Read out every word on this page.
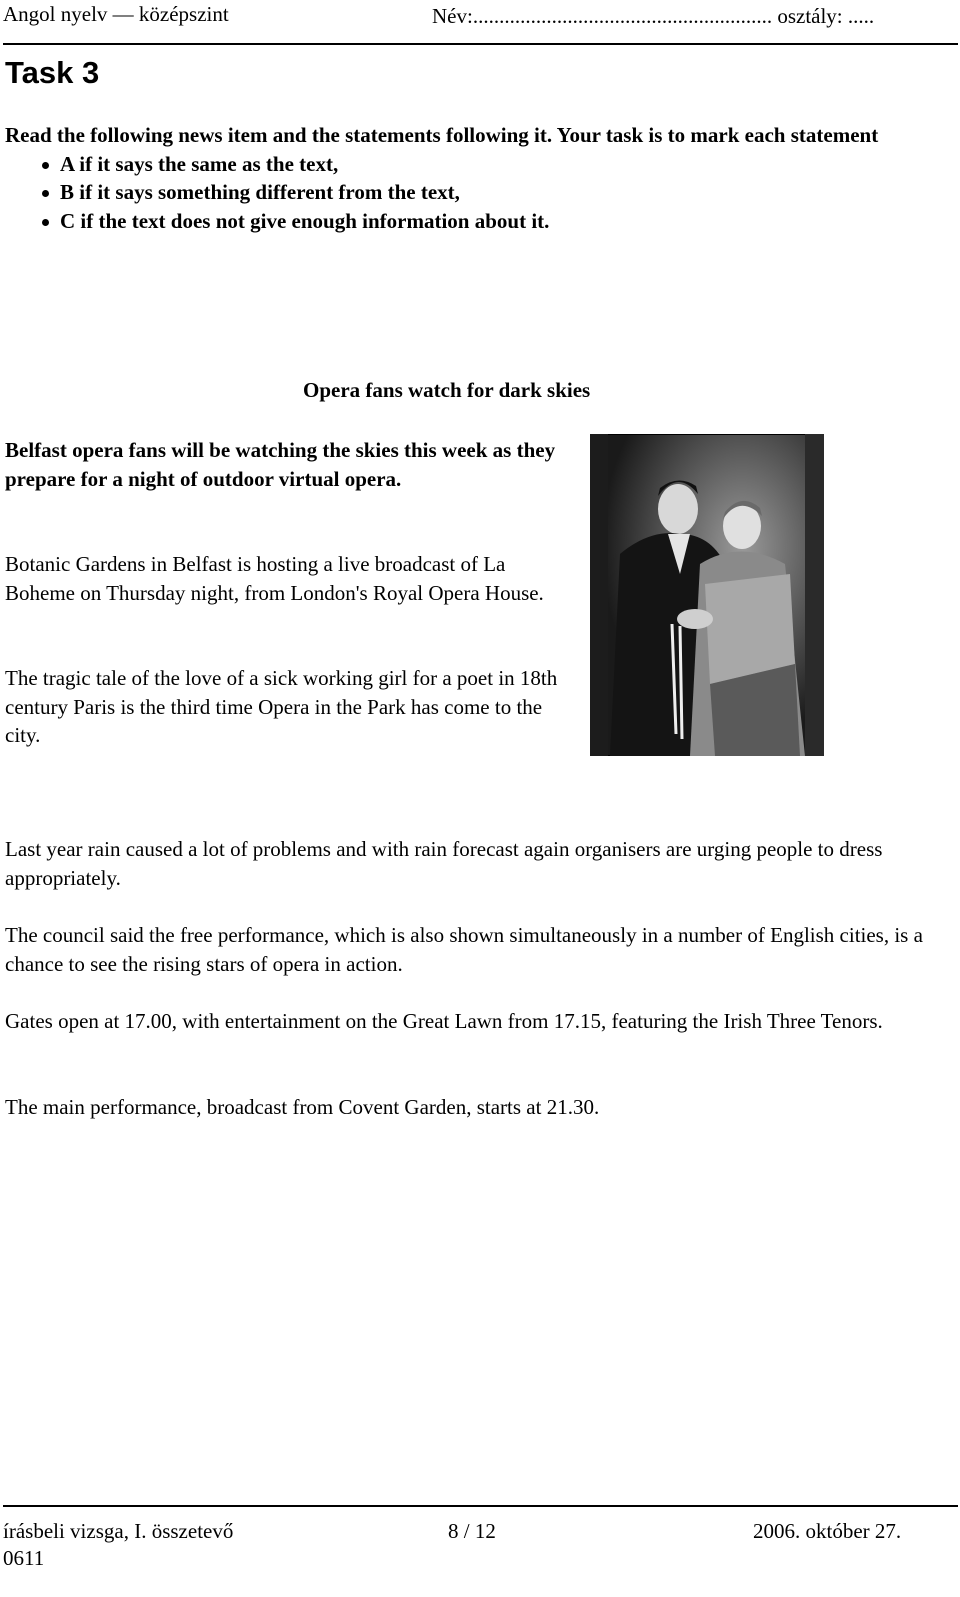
Angol nyelv — középszint	Név:......................................................... osztály: .....
Task 3
Read the following news item and the statements following it. Your task is to mark each statement
A if it says the same as the text,
B if it says something different from the text,
C if the text does not give enough information about it.
Opera fans watch for dark skies
Belfast opera fans will be watching the skies this week as they prepare for a night of outdoor virtual opera.
Botanic Gardens in Belfast is hosting a live broadcast of La Boheme on Thursday night, from London's Royal Opera House.
The tragic tale of the love of a sick working girl for a poet in 18th century Paris is the third time Opera in the Park has come to the city.
Last year rain caused a lot of problems and with rain forecast again organisers are urging people to dress appropriately.
The council said the free performance, which is also shown simultaneously in a number of English cities, is a chance to see the rising stars of opera in action.
Gates open at 17.00, with entertainment on the Great Lawn from 17.15, featuring the Irish Three Tenors.
The main performance, broadcast from Covent Garden, starts at 21.30.
írásbeli vizsga, I. összetevő	8 / 12	2006. október 27.
0611
